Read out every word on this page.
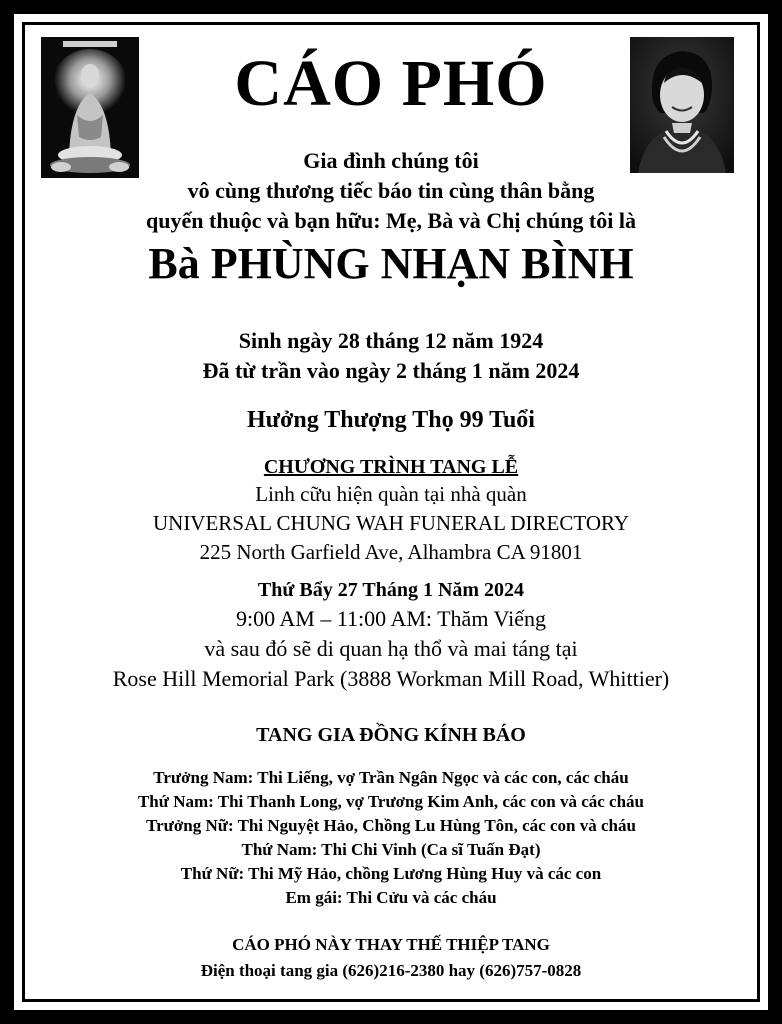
CÁO PHÓ
Gia đình chúng tôi
vô cùng thương tiếc báo tin cùng thân bằng
quyến thuộc và bạn hữu: Mẹ, Bà và Chị chúng tôi là
Bà PHÙNG NHẠN BÌNH
Sinh ngày 28 tháng 12 năm 1924
Đã từ trần vào ngày 2 tháng 1 năm 2024
Hưởng Thượng Thọ 99 Tuổi
CHƯƠNG TRÌNH TANG LỄ
Linh cữu hiện quàn tại nhà quàn
UNIVERSAL CHUNG WAH FUNERAL DIRECTORY
225 North Garfield Ave, Alhambra CA 91801
Thứ Bẩy 27 Tháng 1 Năm 2024
9:00 AM – 11:00 AM: Thăm Viếng
và sau đó sẽ di quan hạ thổ và mai táng tại
Rose Hill Memorial Park (3888 Workman Mill Road, Whittier)
TANG GIA ĐỒNG KÍNH BÁO
Trưởng Nam: Thi Liếng, vợ Trần Ngân Ngọc và các con, các cháu
Thứ Nam: Thi Thanh Long, vợ Trương Kim Anh, các con và các cháu
Trưởng Nữ: Thi Nguyệt Hảo, Chồng Lu Hùng Tôn, các con và cháu
Thứ Nam: Thi Chi Vinh (Ca sĩ Tuấn Đạt)
Thứ Nữ: Thi Mỹ Hảo, chồng Lương Hùng Huy và các con
Em gái: Thi Cửu và các cháu
CÁO PHÓ NÀY THAY THẾ THIỆP TANG
Điện thoại tang gia (626)216-2380 hay (626)757-0828
